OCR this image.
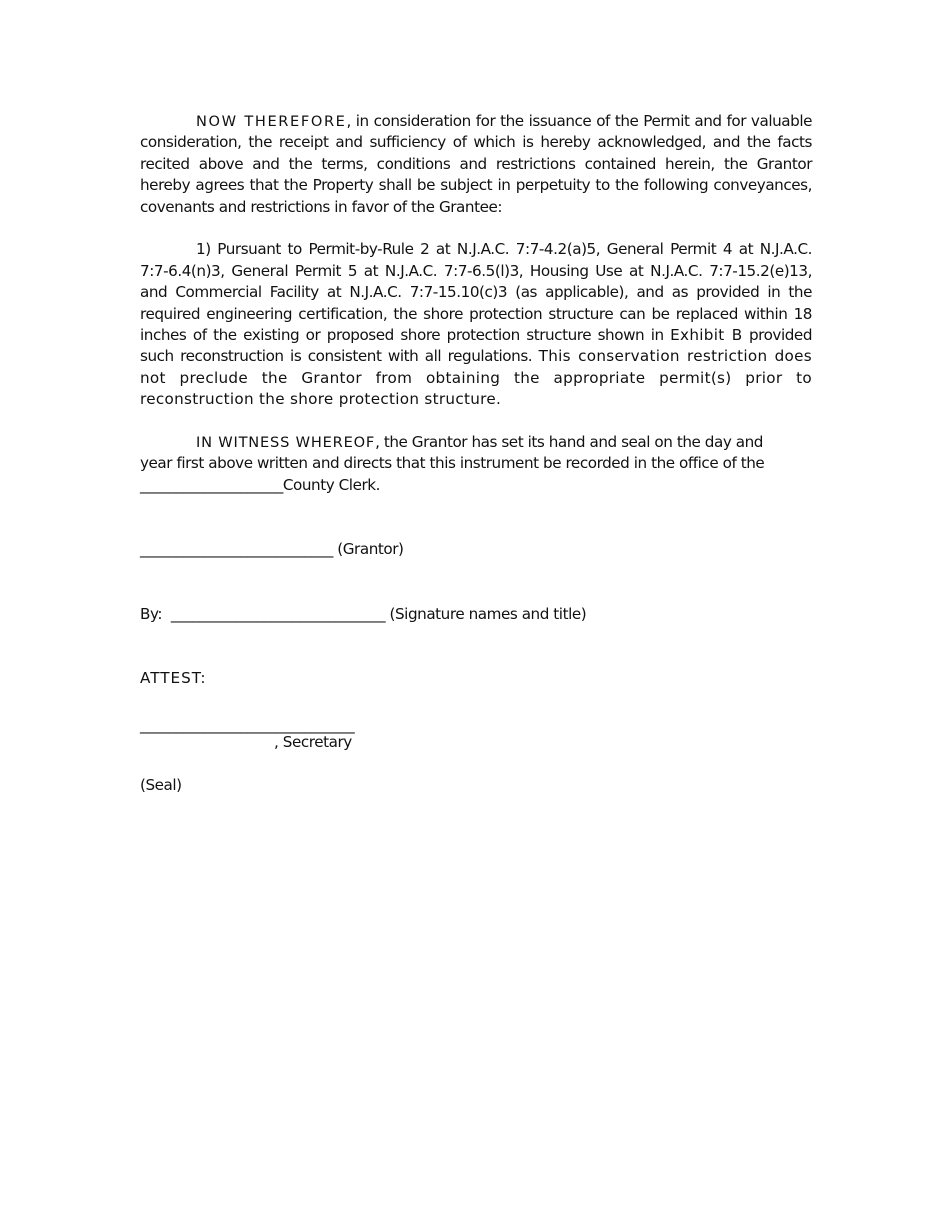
NOW THEREFORE, in consideration for the issuance of the Permit and for valuable consideration, the receipt and sufficiency of which is hereby acknowledged, and the facts recited above and the terms, conditions and restrictions contained herein, the Grantor hereby agrees that the Property shall be subject in perpetuity to the following conveyances, covenants and restrictions in favor of the Grantee:

1) Pursuant to Permit-by-Rule 2 at N.J.A.C. 7:7-4.2(a)5, General Permit 4 at N.J.A.C. 7:7-6.4(n)3, General Permit 5 at N.J.A.C. 7:7-6.5(l)3, Housing Use at N.J.A.C. 7:7-15.2(e)13, and Commercial Facility at N.J.A.C. 7:7-15.10(c)3 (as applicable), and as provided in the required engineering certification, the shore protection structure can be replaced within 18 inches of the existing or proposed shore protection structure shown in Exhibit B provided such reconstruction is consistent with all regulations. This conservation restriction does not preclude the Grantor from obtaining the appropriate permit(s) prior to reconstruction the shore protection structure.

IN WITNESS WHEREOF, the Grantor has set its hand and seal on the day and

year first above written and directs that this instrument be recorded in the office of the

____________________County Clerk.

___________________________ (Grantor)

By:  ______________________________ (Signature names and title)

ATTEST:

______________________________

, Secretary

(Seal)
